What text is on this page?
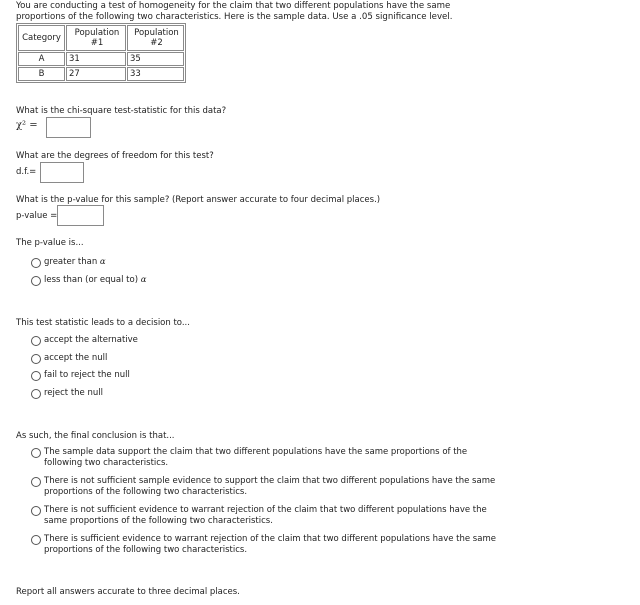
You are conducting a test of homogeneity for the claim that two different populations have the same proportions of the following two characteristics. Here is the sample data. Use a .05 significance level.
Category	Population #1	Population #2
A	31	35
B	27	33
What is the chi-square test-statistic for this data?
χ² =
What are the degrees of freedom for this test?
d.f.=
What is the p-value for this sample? (Report answer accurate to four decimal places.)
p-value =
The p-value is...
greater than
α
less than (or equal to)
α
This test statistic leads to a decision to...
accept the alternative
accept the null
fail to reject the null
reject the null
As such, the final conclusion is that...
The sample data support the claim that two different populations have the same proportions of the following two characteristics.
There is not sufficient sample evidence to support the claim that two different populations have the same proportions of the following two characteristics.
There is not sufficient evidence to warrant rejection of the claim that two different populations have the same proportions of the following two characteristics.
There is sufficient evidence to warrant rejection of the claim that two different populations have the same proportions of the following two characteristics.
Report all answers accurate to three decimal places.
